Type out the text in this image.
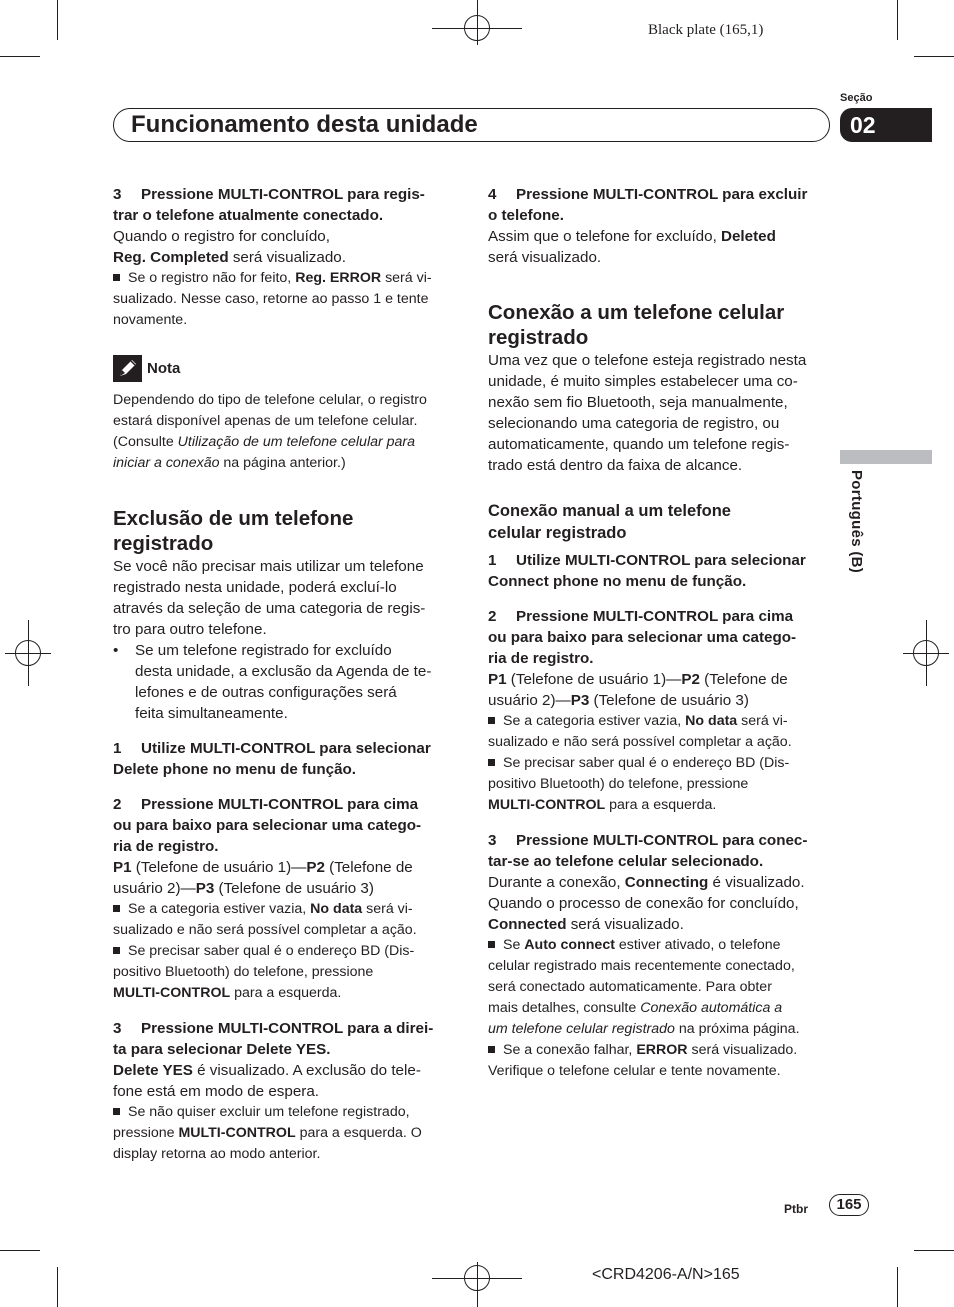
Black plate (165,1)
Seção
Funcionamento desta unidade	02
Português (B)

3 Pressione MULTI-CONTROL para regis-

trar o telefone atualmente conectado.

Quando o registro for concluído,

Reg. Completed será visualizado.

Se o registro não for feito, Reg. ERROR será vi-

sualizado. Nesse caso, retorne ao passo 1 e tente

novamente.

Nota

Dependendo do tipo de telefone celular, o registro

estará disponível apenas de um telefone celular.

(Consulte Utilização de um telefone celular para

iniciar a conexão na página anterior.)

Exclusão de um telefone

registrado

Se você não precisar mais utilizar um telefone

registrado nesta unidade, poderá excluí-lo

através da seleção de uma categoria de regis-

tro para outro telefone.

•	Se um telefone registrado for excluído
desta unidade, a exclusão da Agenda de te-
lefones e de outras configurações será
feita simultaneamente.

1 Utilize MULTI-CONTROL para selecionar

Delete phone no menu de função.

2 Pressione MULTI-CONTROL para cima

ou para baixo para selecionar uma catego-

ria de registro.

P1 (Telefone de usuário 1)—P2 (Telefone de

usuário 2)—P3 (Telefone de usuário 3)

Se a categoria estiver vazia, No data será vi-

sualizado e não será possível completar a ação.

Se precisar saber qual é o endereço BD (Dis-

positivo Bluetooth) do telefone, pressione

MULTI-CONTROL para a esquerda.

3 Pressione MULTI-CONTROL para a direi-

ta para selecionar Delete YES.

Delete YES é visualizado. A exclusão do tele-

fone está em modo de espera.

Se não quiser excluir um telefone registrado,

pressione MULTI-CONTROL para a esquerda. O

display retorna ao modo anterior.

4 Pressione MULTI-CONTROL para excluir

o telefone.

Assim que o telefone for excluído, Deleted

será visualizado.

Conexão a um telefone celular

registrado

Uma vez que o telefone esteja registrado nesta

unidade, é muito simples estabelecer uma co-

nexão sem fio Bluetooth, seja manualmente,

selecionando uma categoria de registro, ou

automaticamente, quando um telefone regis-

trado está dentro da faixa de alcance.

Conexão manual a um telefone

celular registrado

1 Utilize MULTI-CONTROL para selecionar

Connect phone no menu de função.

2 Pressione MULTI-CONTROL para cima

ou para baixo para selecionar uma catego-

ria de registro.

P1 (Telefone de usuário 1)—P2 (Telefone de

usuário 2)—P3 (Telefone de usuário 3)

Se a categoria estiver vazia, No data será vi-

sualizado e não será possível completar a ação.

Se precisar saber qual é o endereço BD (Dis-

positivo Bluetooth) do telefone, pressione

MULTI-CONTROL para a esquerda.

3 Pressione MULTI-CONTROL para conec-

tar-se ao telefone celular selecionado.

Durante a conexão, Connecting é visualizado.

Quando o processo de conexão for concluído,

Connected será visualizado.

Se Auto connect estiver ativado, o telefone

celular registrado mais recentemente conectado,

será conectado automaticamente. Para obter

mais detalhes, consulte Conexão automática a

um telefone celular registrado na próxima página.

Se a conexão falhar, ERROR será visualizado.

Verifique o telefone celular e tente novamente.

Ptbr	165
<CRD4206-A/N>165
